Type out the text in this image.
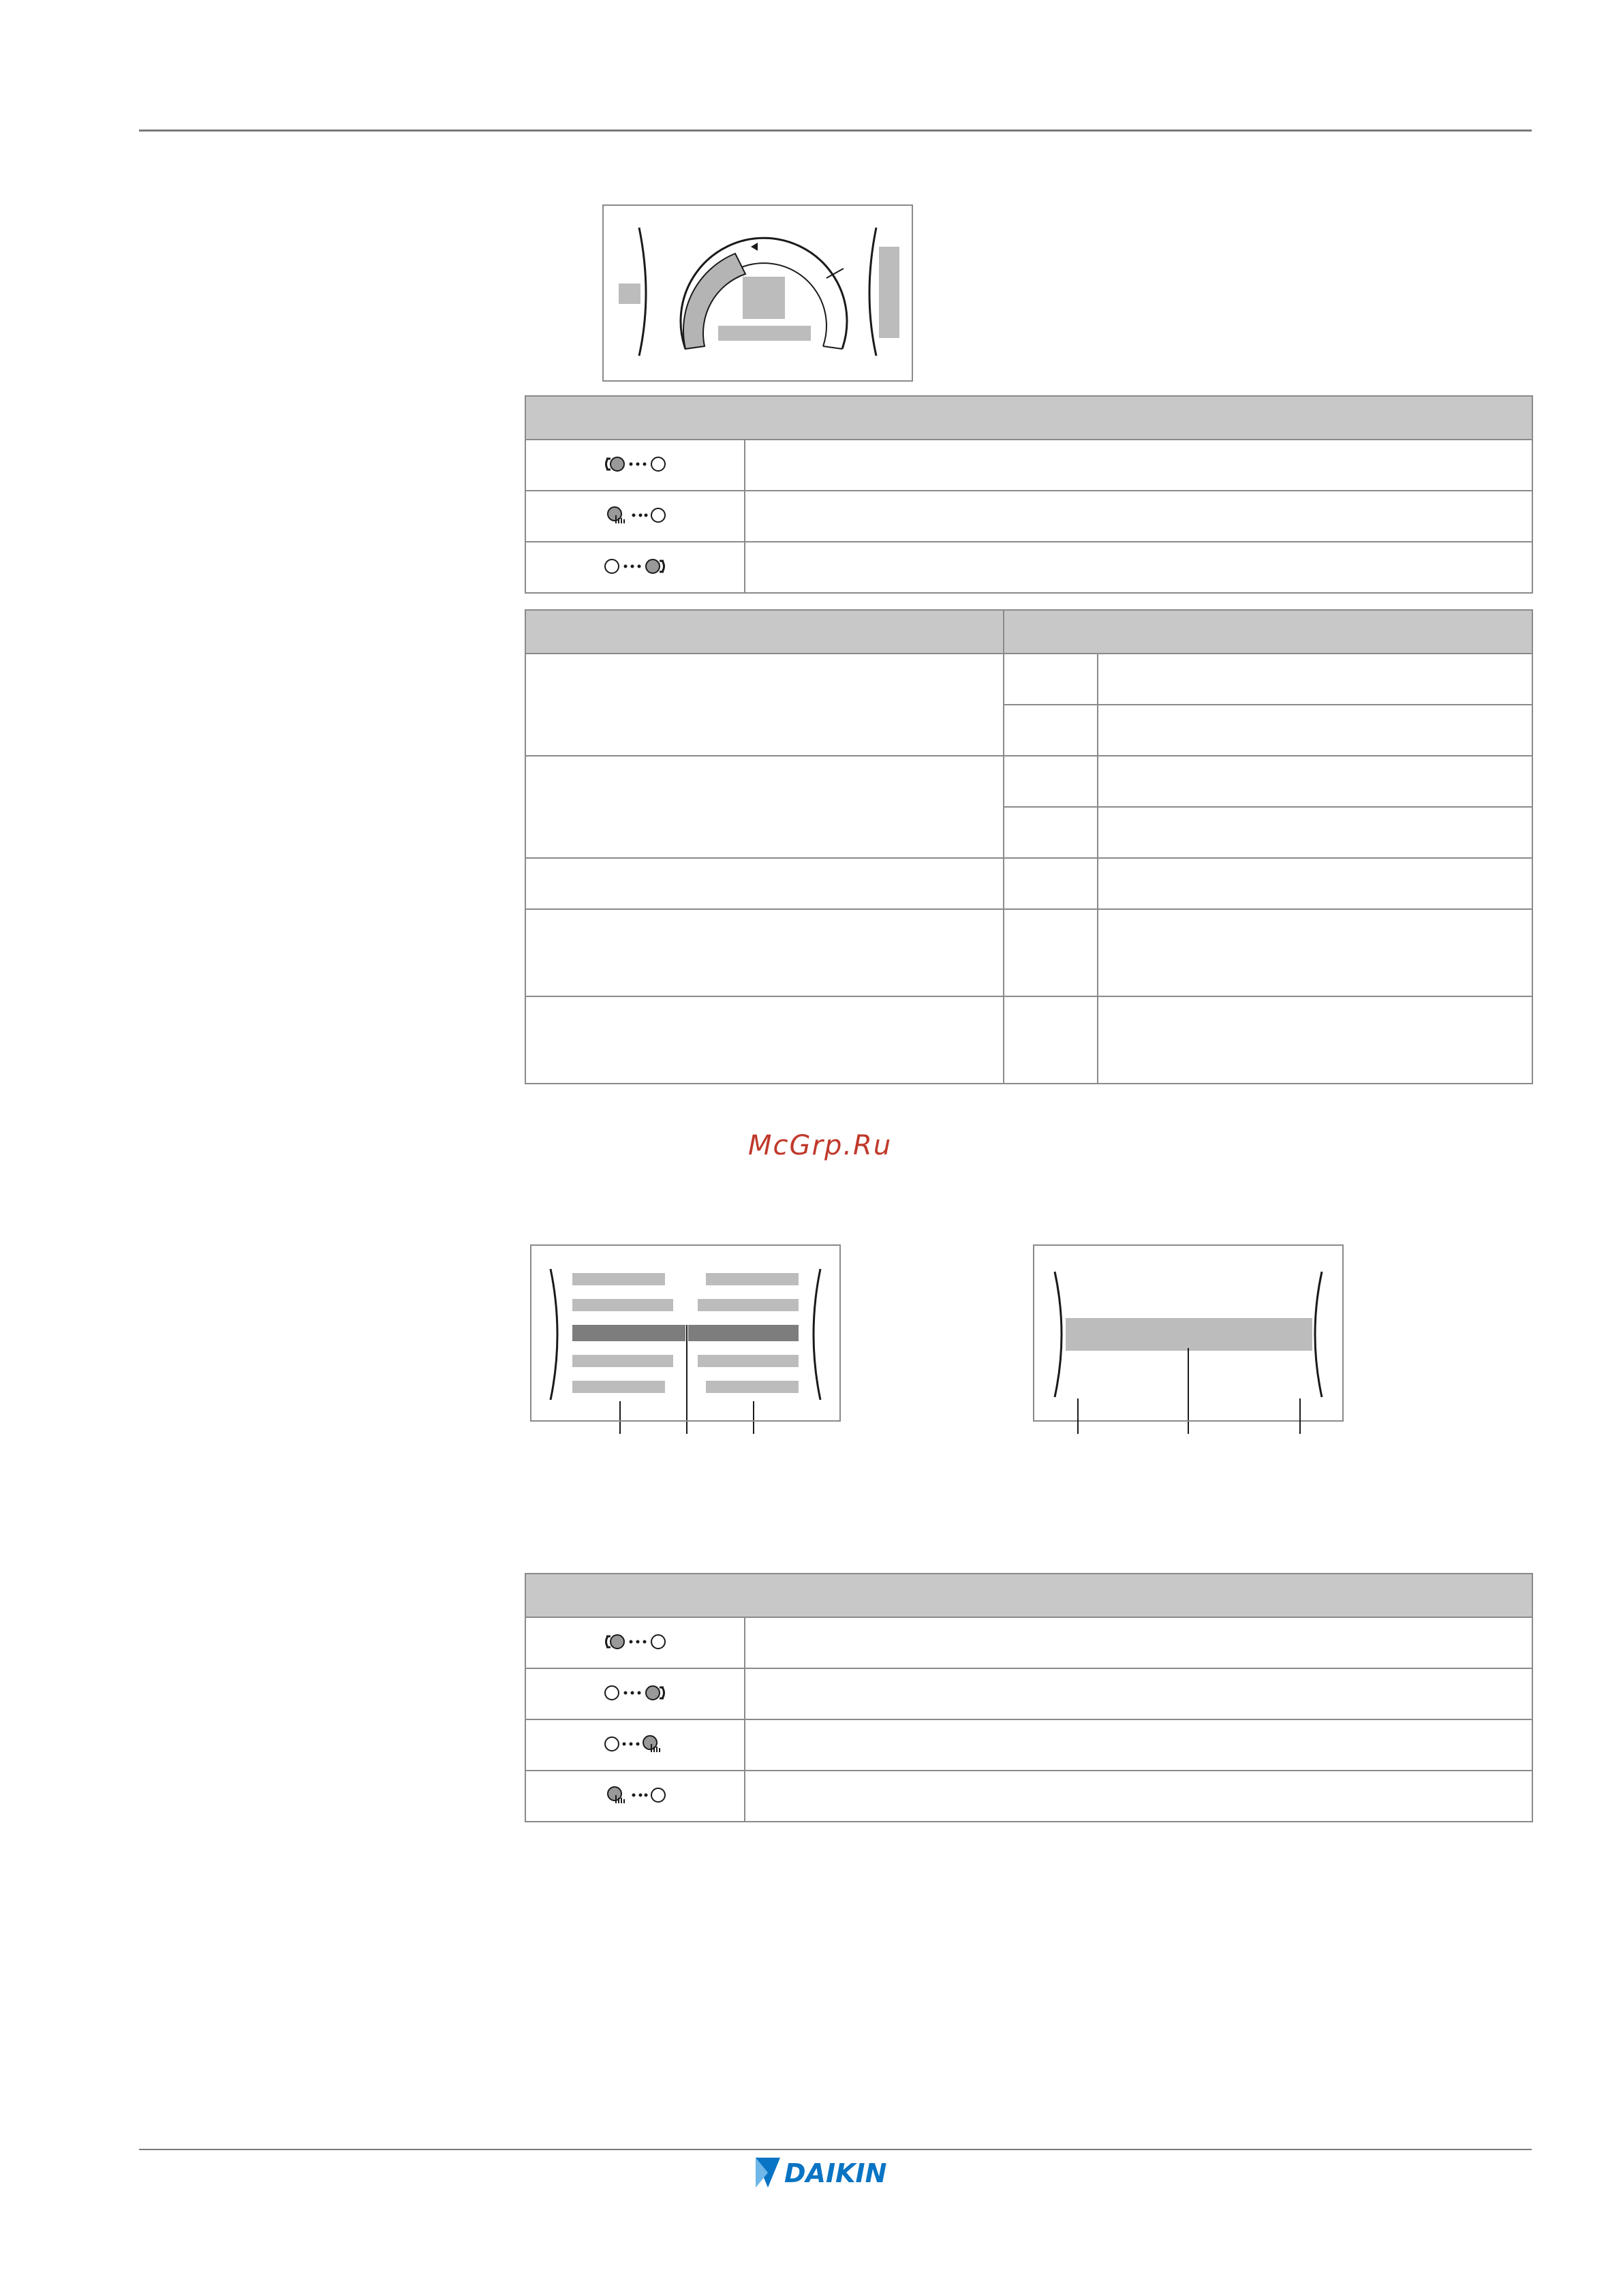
McGrp.Ru

DAIKIN
